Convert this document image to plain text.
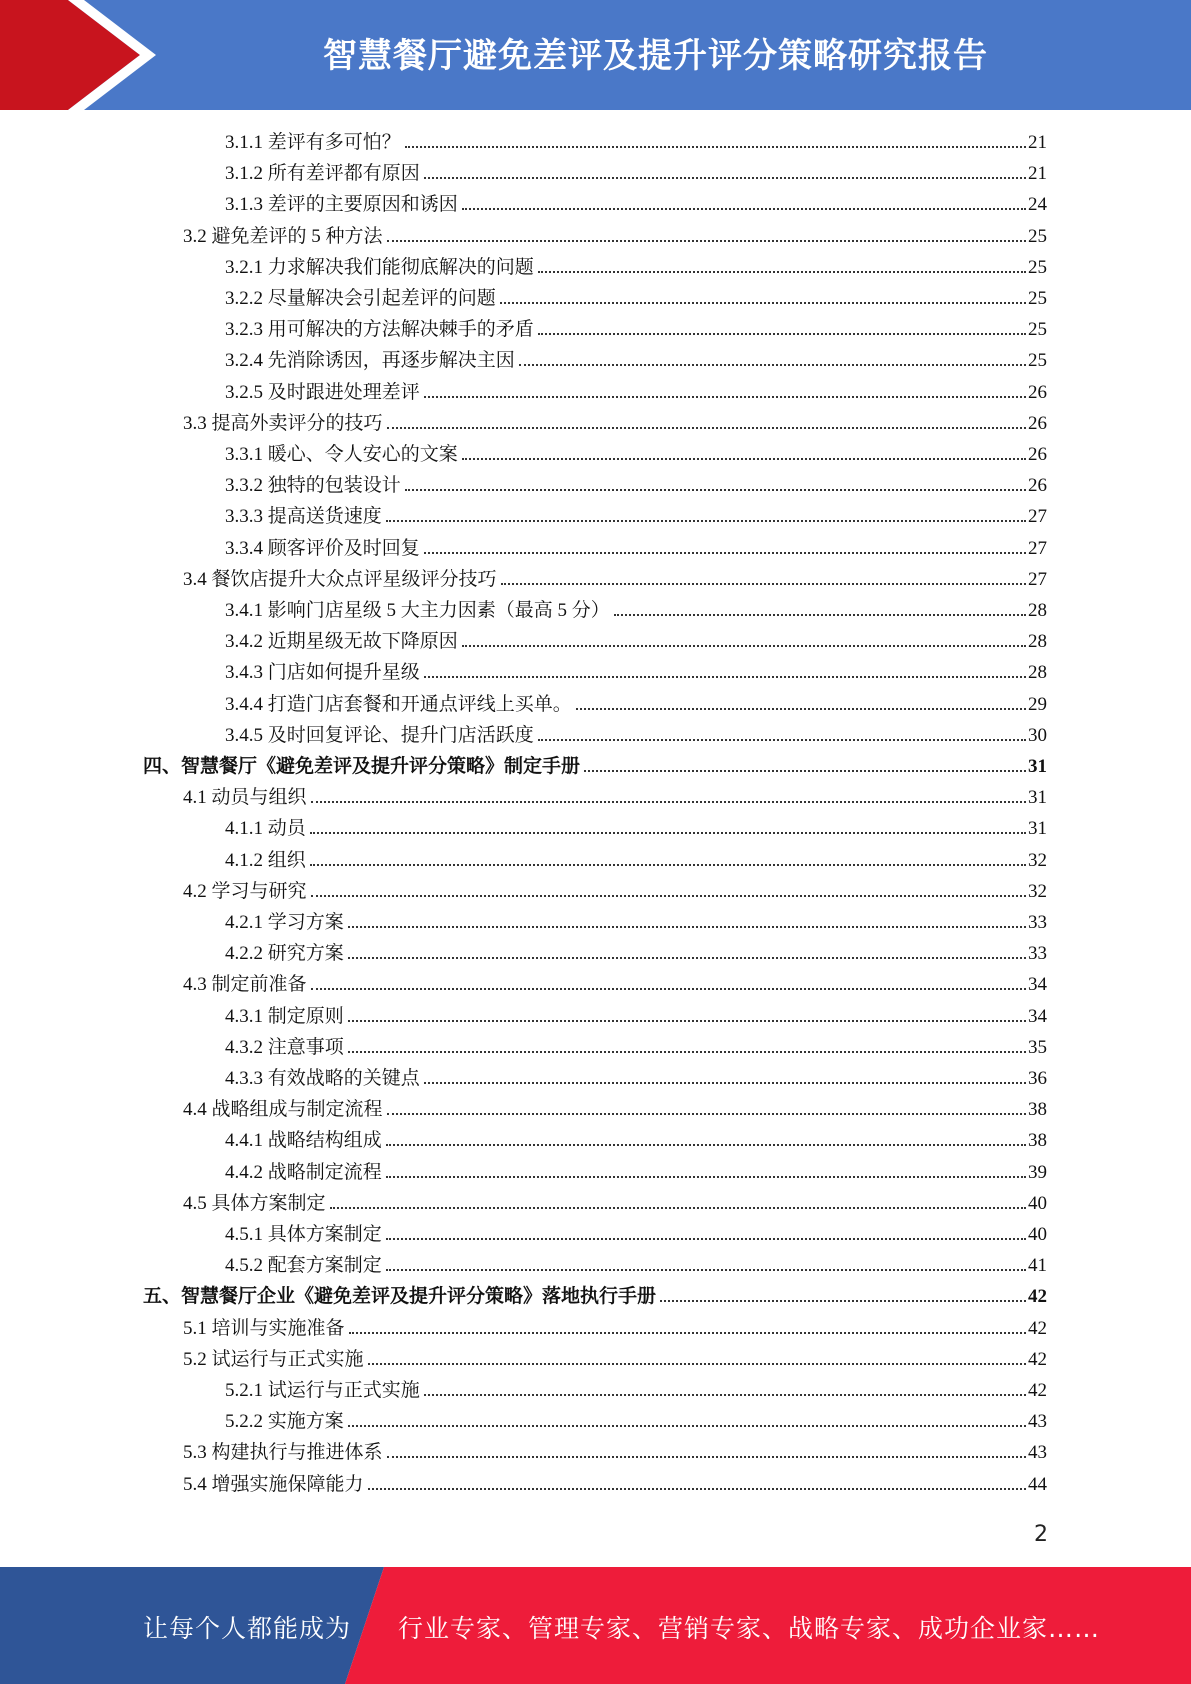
智慧餐厅避免差评及提升评分策略研究报告
3.1.1 差评有多可怕？	21
3.1.2 所有差评都有原因	21
3.1.3 差评的主要原因和诱因	24
3.2 避免差评的 5 种方法	25
3.2.1 力求解决我们能彻底解决的问题	25
3.2.2 尽量解决会引起差评的问题	25
3.2.3 用可解决的方法解决棘手的矛盾	25
3.2.4 先消除诱因，再逐步解决主因	25
3.2.5 及时跟进处理差评	26
3.3 提高外卖评分的技巧	26
3.3.1 暖心、令人安心的文案	26
3.3.2 独特的包装设计	26
3.3.3 提高送货速度	27
3.3.4 顾客评价及时回复	27
3.4 餐饮店提升大众点评星级评分技巧	27
3.4.1 影响门店星级 5 大主力因素（最高 5 分）	28
3.4.2 近期星级无故下降原因	28
3.4.3 门店如何提升星级	28
3.4.4 打造门店套餐和开通点评线上买单。	29
3.4.5 及时回复评论、提升门店活跃度	30
四、智慧餐厅《避免差评及提升评分策略》制定手册	31
4.1 动员与组织	31
4.1.1 动员	31
4.1.2 组织	32
4.2 学习与研究	32
4.2.1 学习方案	33
4.2.2 研究方案	33
4.3 制定前准备	34
4.3.1 制定原则	34
4.3.2 注意事项	35
4.3.3 有效战略的关键点	36
4.4 战略组成与制定流程	38
4.4.1 战略结构组成	38
4.4.2 战略制定流程	39
4.5 具体方案制定	40
4.5.1 具体方案制定	40
4.5.2 配套方案制定	41
五、智慧餐厅企业《避免差评及提升评分策略》落地执行手册	42
5.1 培训与实施准备	42
5.2 试运行与正式实施	42
5.2.1 试运行与正式实施	42
5.2.2 实施方案	43
5.3 构建执行与推进体系	43
5.4 增强实施保障能力	44
2
让每个人都能成为 行业专家、管理专家、营销专家、战略专家、成功企业家……
